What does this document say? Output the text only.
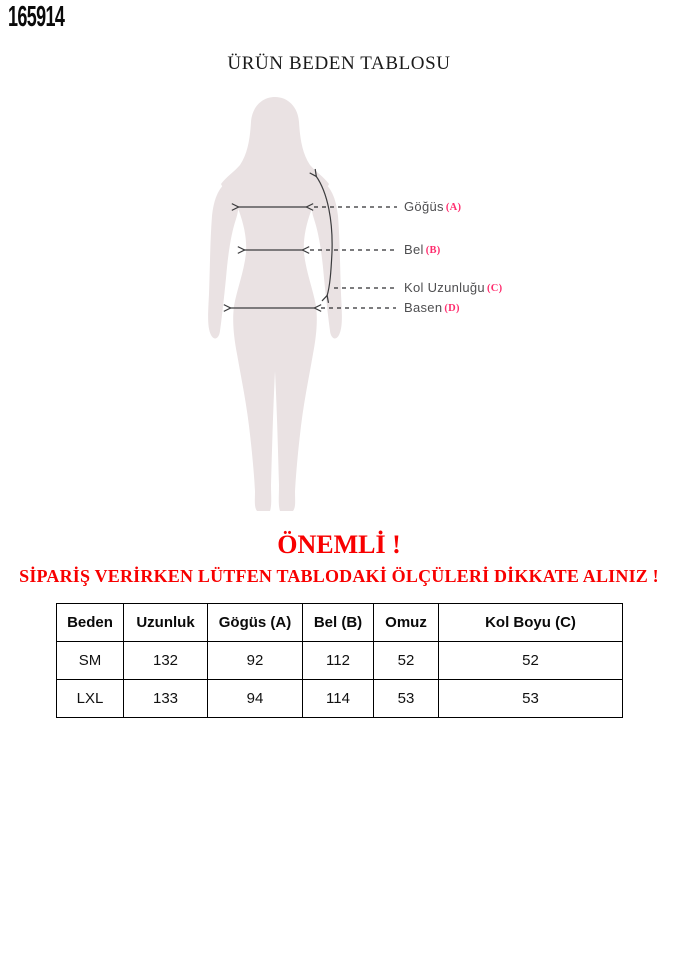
165914
ÜRÜN BEDEN TABLOSU
Göğüs (A)
Bel (B)
Kol Uzunluğu (C)
Basen (D)
ÖNEMLİ !
SİPARİŞ VERİRKEN LÜTFEN TABLODAKİ ÖLÇÜLERİ DİKKATE ALINIZ !
Beden	Uzunluk	Gögüs (A)	Bel (B)	Omuz	Kol Boyu (C)
SM	132	92	112	52	52
LXL	133	94	114	53	53
